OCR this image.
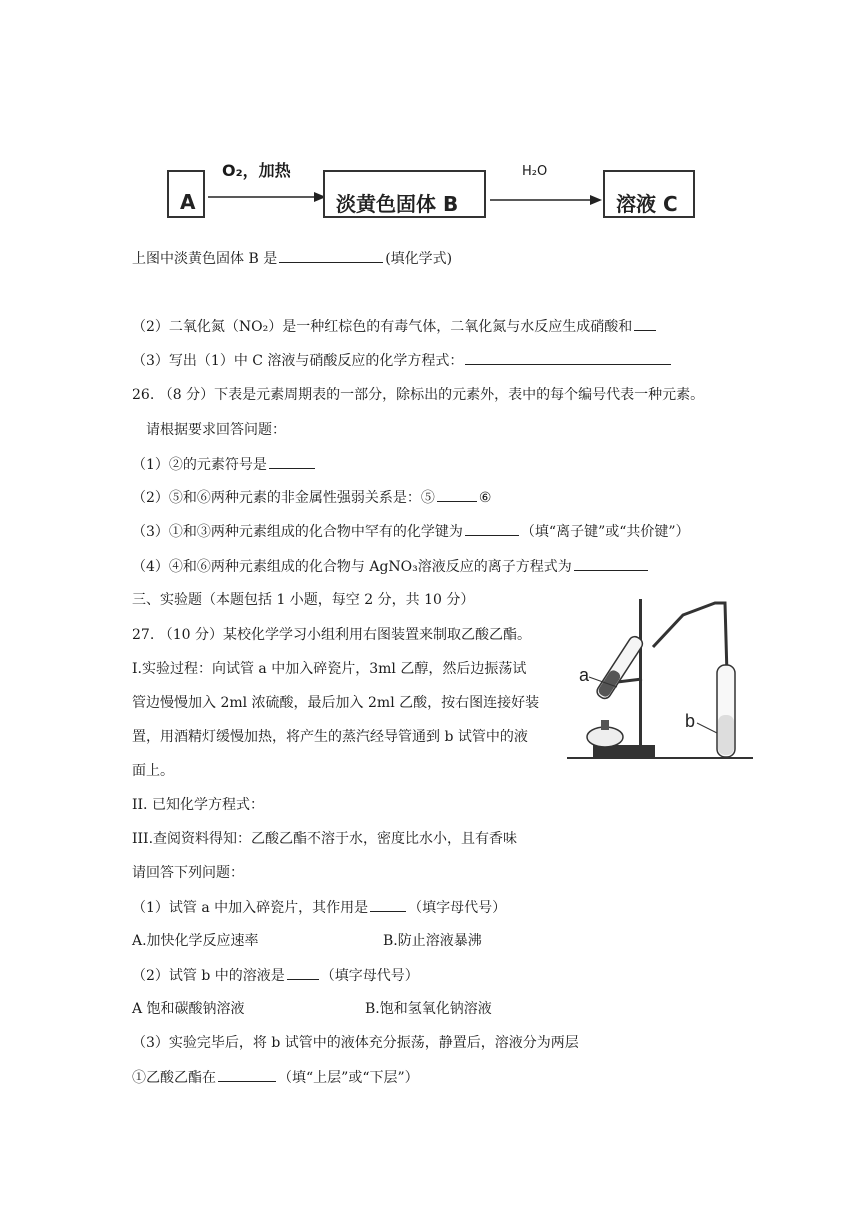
A
O₂，加热
淡黄色固体 B
H₂O
溶液 C
上图中淡黄色固体 B 是	(填化学式)
（2）二氧化氮（NO₂）是一种红棕色的有毒气体，二氧化氮与水反应生成硝酸和
（3）写出（1）中 C 溶液与硝酸反应的化学方程式：
26. （8 分）下表是元素周期表的一部分，除标出的元素外，表中的每个编号代表一种元素。
请根据要求回答问题：
（1）②的元素符号是
（2）⑤和⑥两种元素的非金属性强弱关系是：⑤	⑥
（3）①和③两种元素组成的化合物中罕有的化学键为	（填“离子键”或“共价键”）
（4）④和⑥两种元素组成的化合物与 AgNO₃溶液反应的离子方程式为
三、实验题（本题包括 1 小题，每空 2 分，共 10 分）
27. （10 分）某校化学学习小组利用右图装置来制取乙酸乙酯。
I.实验过程：向试管 a 中加入碎瓷片，3ml 乙醇，然后边振荡试
管边慢慢加入 2ml 浓硫酸，最后加入 2ml 乙酸，按右图连接好装
置，用酒精灯缓慢加热，将产生的蒸汽经导管通到 b 试管中的液
面上。
II. 已知化学方程式：
III.查阅资料得知：乙酸乙酯不溶于水，密度比水小，且有香味
请回答下列问题：
（1）试管 a 中加入碎瓷片，其作用是	（填字母代号）
A.加快化学反应速率	B.防止溶液暴沸
（2）试管 b 中的溶液是	（填字母代号）
A 饱和碳酸钠溶液	B.饱和氢氧化钠溶液
（3）实验完毕后，将 b 试管中的液体充分振荡，静置后，溶液分为两层
①乙酸乙酯在	（填“上层”或“下层”）
a
b
